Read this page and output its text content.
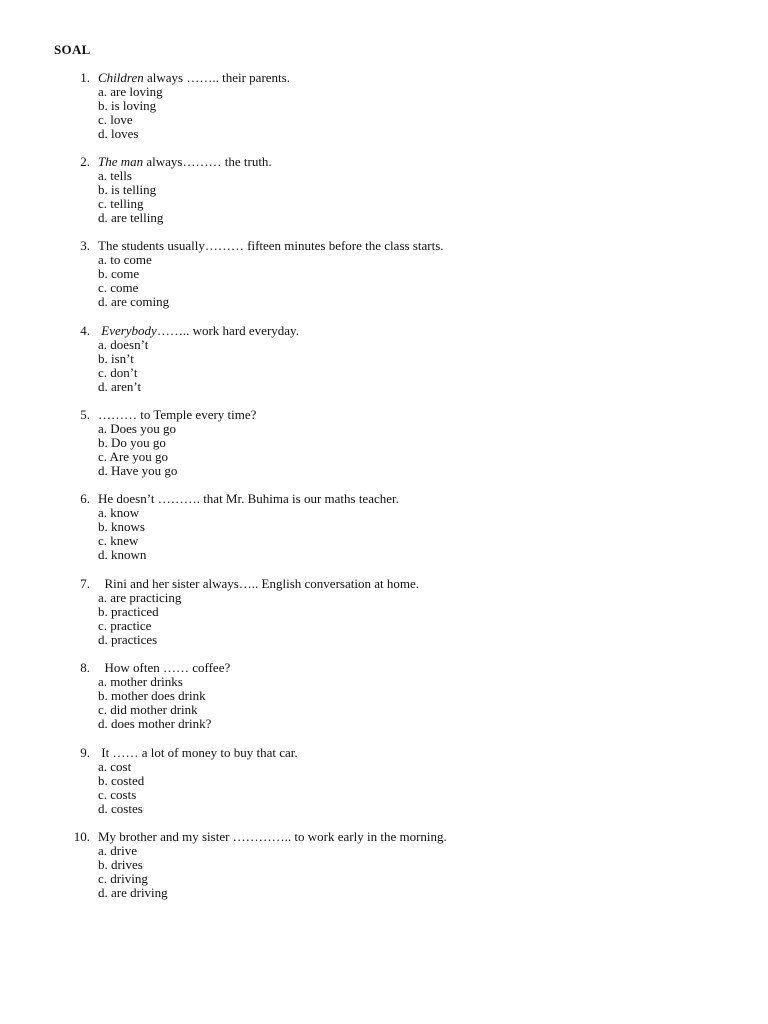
SOAL
1. Children always …….. their parents.
a. are loving
b. is loving
c. love
d. loves
2. The man always……… the truth.
a. tells
b. is telling
c. telling
d. are telling
3. The students usually……… fifteen minutes before the class starts.
a. to come
b. come
c. come
d. are coming
4. Everybody…….. work hard everyday.
a. doesn’t
b. isn’t
c. don’t
d. aren’t
5. ……… to Temple every time?
a. Does you go
b. Do you go
c. Are you go
d. Have you go
6. He doesn’t ………. that Mr. Buhima is our maths teacher.
a. know
b. knows
c. knew
d. known
7. Rini and her sister always….. English conversation at home.
a. are practicing
b. practiced
c. practice
d. practices
8. How often …… coffee?
a. mother drinks
b. mother does drink
c. did mother drink
d. does mother drink?
9. It …… a lot of money to buy that car.
a. cost
b. costed
c. costs
d. costes
10. My brother and my sister ………….. to work early in the morning.
a. drive
b. drives
c. driving
d. are driving
